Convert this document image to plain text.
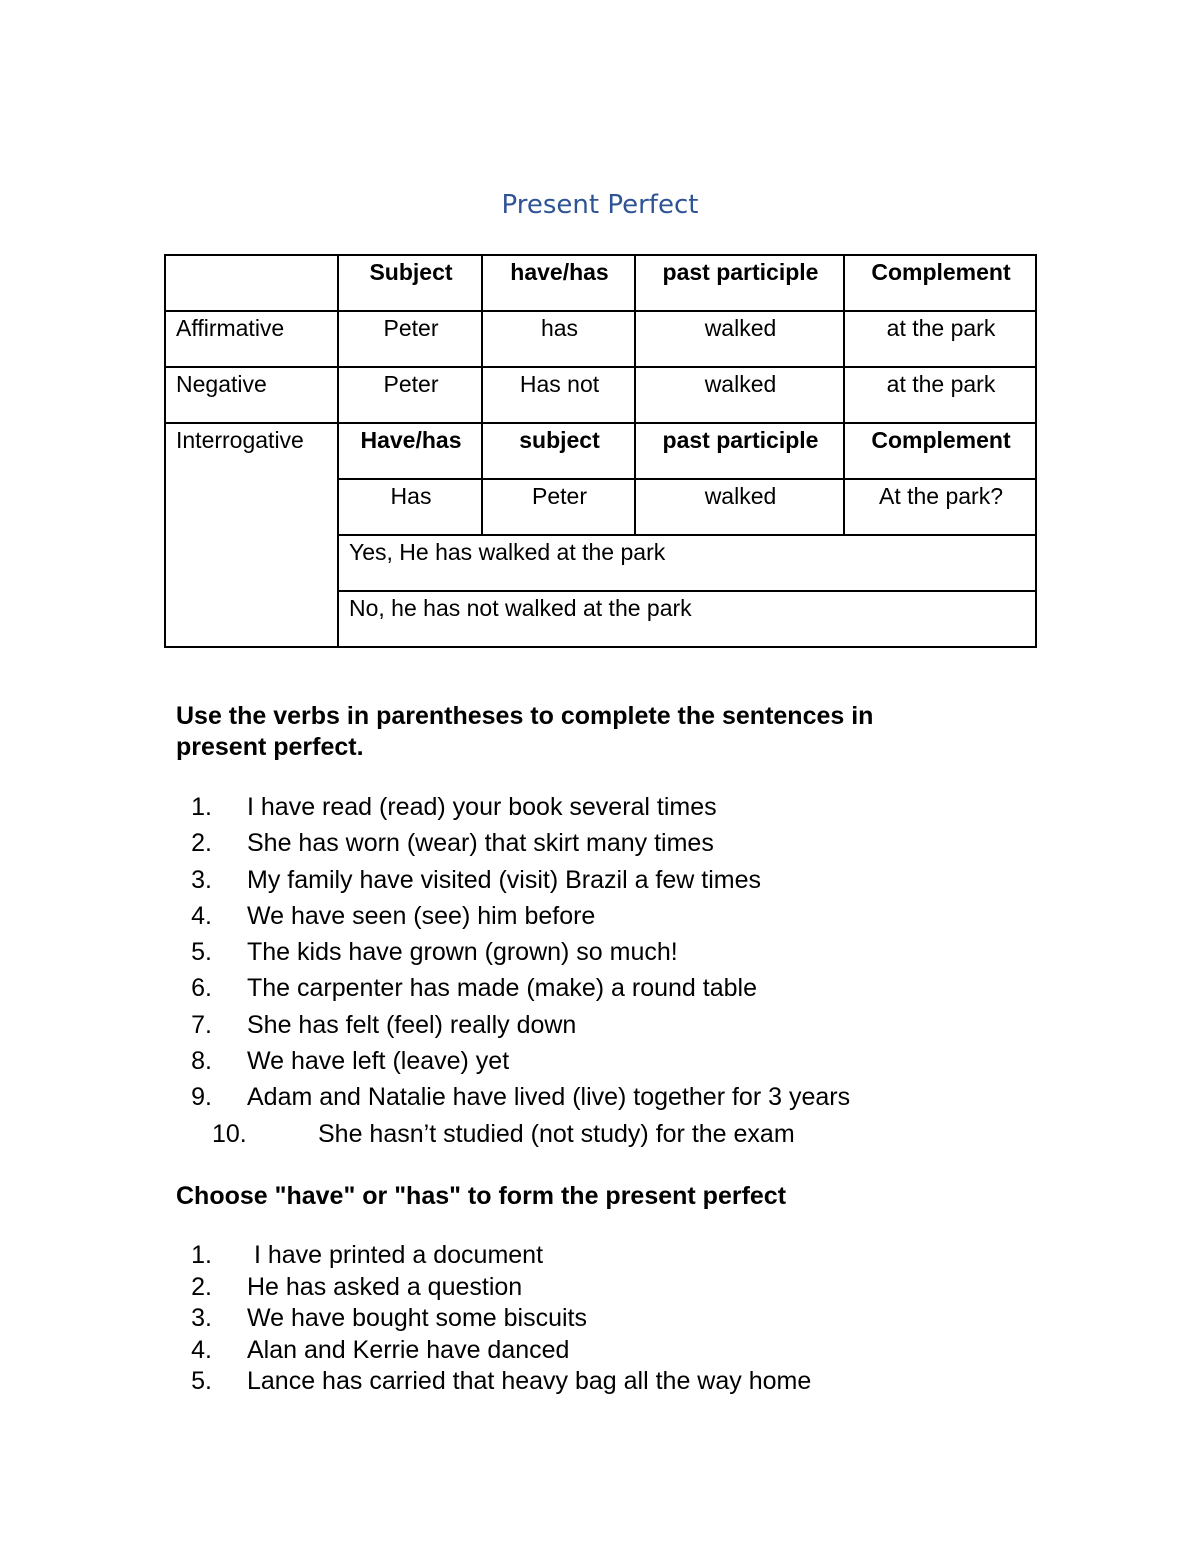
Present Perfect
	Subject	have/has	past participle	Complement
Affirmative	Peter	has	walked	at the park
Negative	Peter	Has not	walked	at the park
Interrogative	Have/has	subject	past participle	Complement
	Has	Peter	walked	At the park?
	Yes, He has walked at the park			
	No, he has not walked at the park			
Use the verbs in parentheses to complete the sentences in
present perfect.
1.	I have read (read) your book several times
2.	She has worn (wear) that skirt many times
3.	My family have visited (visit) Brazil a few times
4.	We have seen (see) him before
5.	The kids have grown (grown) so much!
6.	The carpenter has made (make) a round table
7.	She has felt (feel) really down
8.	We have left (leave) yet
9.	Adam and Natalie have lived (live) together for 3 years
10.	She hasn’t studied (not study) for the exam
Choose "have" or "has" to form the present perfect
1.	I have printed a document
2.	He has asked a question
3.	We have bought some biscuits
4.	Alan and Kerrie have danced
5.	Lance has carried that heavy bag all the way home
